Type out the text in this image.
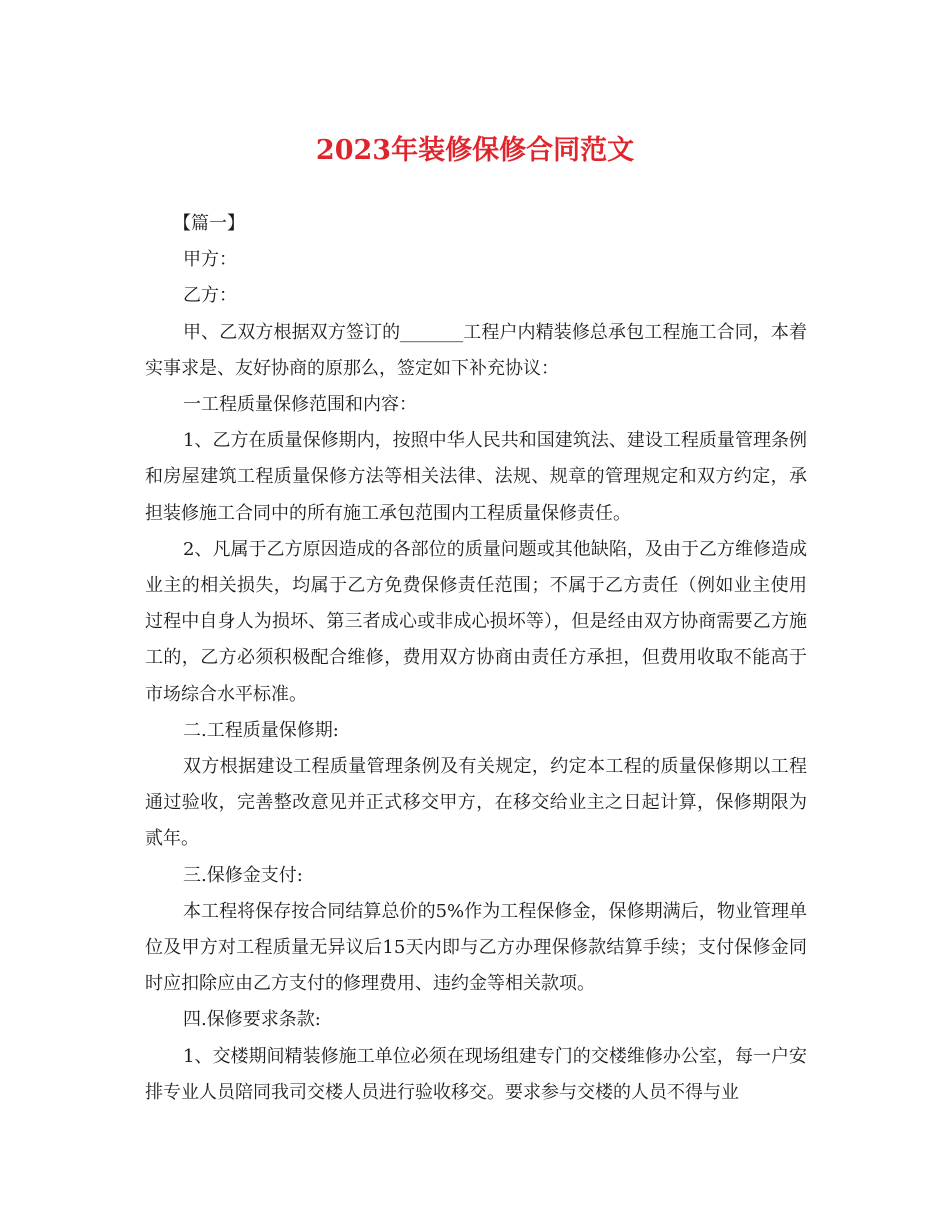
2023年装修保修合同范文

【篇一】

甲方：

乙方：

甲、乙双方根据双方签订的_______工程户内精装修总承包工程施工合同，本着实事求是、友好协商的原那么，签定如下补充协议：

一工程质量保修范围和内容：

1、乙方在质量保修期内，按照中华人民共和国建筑法、建设工程质量管理条例和房屋建筑工程质量保修方法等相关法律、法规、规章的管理规定和双方约定，承担装修施工合同中的所有施工承包范围内工程质量保修责任。

2、凡属于乙方原因造成的各部位的质量问题或其他缺陷，及由于乙方维修造成业主的相关损失，均属于乙方免费保修责任范围；不属于乙方责任（例如业主使用过程中自身人为损坏、第三者成心或非成心损坏等），但是经由双方协商需要乙方施工的，乙方必须积极配合维修，费用双方协商由责任方承担，但费用收取不能高于市场综合水平标准。

二.工程质量保修期:

双方根据建设工程质量管理条例及有关规定，约定本工程的质量保修期以工程通过验收，完善整改意见并正式移交甲方，在移交给业主之日起计算，保修期限为贰年。

三.保修金支付:

本工程将保存按合同结算总价的5%作为工程保修金，保修期满后，物业管理单位及甲方对工程质量无异议后15天内即与乙方办理保修款结算手续；支付保修金同时应扣除应由乙方支付的修理费用、违约金等相关款项。

四.保修要求条款:

1、交楼期间精装修施工单位必须在现场组建专门的交楼维修办公室，每一户安排专业人员陪同我司交楼人员进行验收移交。要求参与交楼的人员不得与业
